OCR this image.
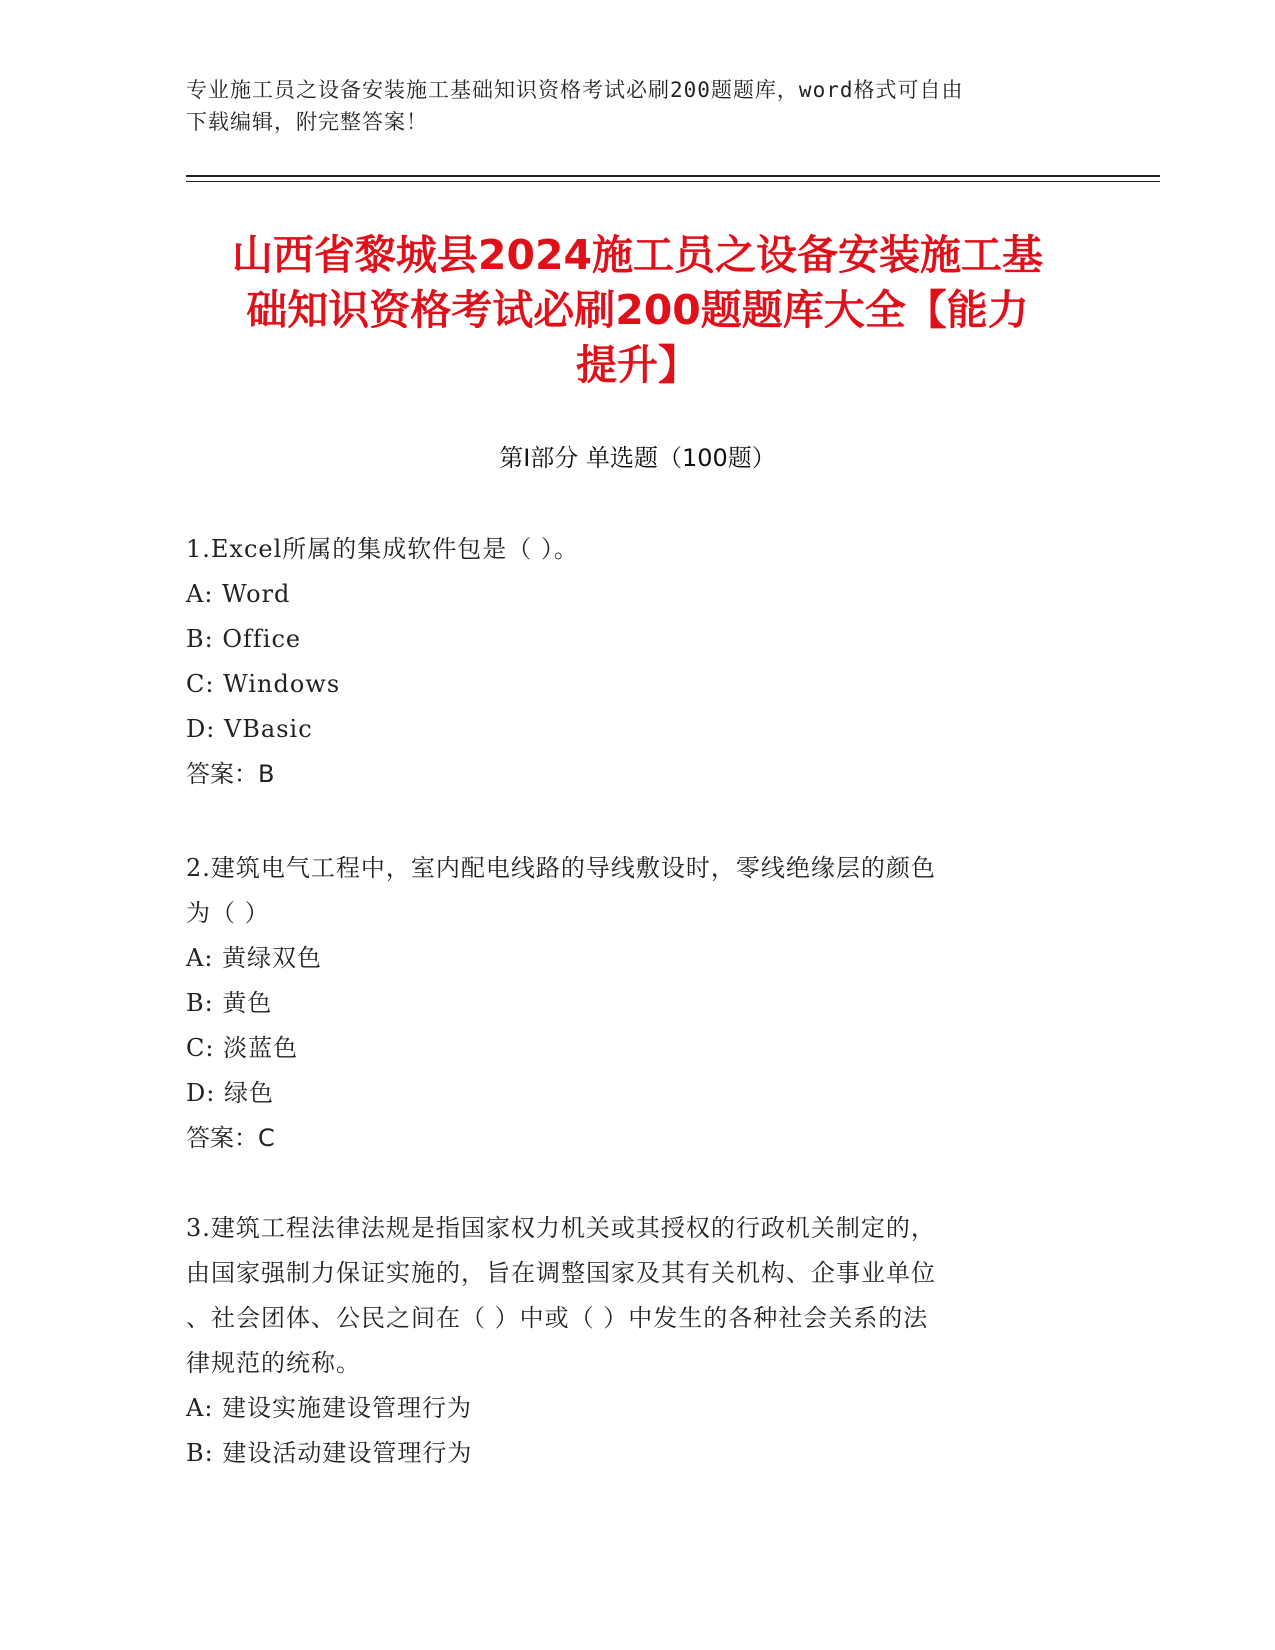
专业施工员之设备安装施工基础知识资格考试必刷200题题库，word格式可自由
下载编辑，附完整答案！
山西省黎城县2024施工员之设备安装施工基
础知识资格考试必刷200题题库大全【能力
提升】
第I部分 单选题（100题）
1.Excel所属的集成软件包是（ ）。
A: Word
B: Office
C: Windows
D: VBasic
答案：B
2.建筑电气工程中，室内配电线路的导线敷设时，零线绝缘层的颜色
为（ ）
A: 黄绿双色
B: 黄色
C: 淡蓝色
D: 绿色
答案：C
3.建筑工程法律法规是指国家权力机关或其授权的行政机关制定的，
由国家强制力保证实施的，旨在调整国家及其有关机构、企事业单位
、社会团体、公民之间在（ ）中或（ ）中发生的各种社会关系的法
律规范的统称。
A: 建设实施建设管理行为
B: 建设活动建设管理行为
